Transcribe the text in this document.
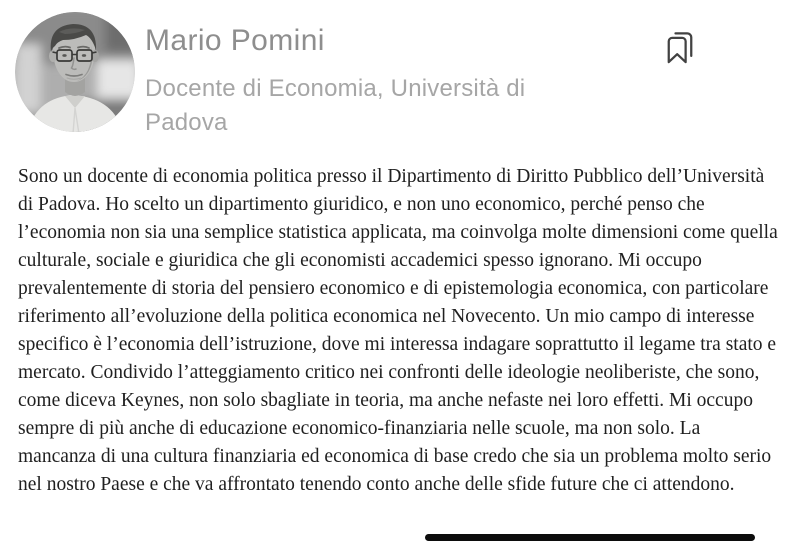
Mario Pomini
Docente di Economia, Università di Padova

Sono un docente di economia politica presso il Dipartimento di Diritto Pubblico dell’Università di Padova. Ho scelto un dipartimento giuridico, e non uno economico, perché penso che l’economia non sia una semplice statistica applicata, ma coinvolga molte dimensioni come quella culturale, sociale e giuridica che gli economisti accademici spesso ignorano. Mi occupo prevalentemente di storia del pensiero economico e di epistemologia economica, con particolare riferimento all’evoluzione della politica economica nel Novecento. Un mio campo di interesse specifico è l’economia dell’istruzione, dove mi interessa indagare soprattutto il legame tra stato e mercato. Condivido l’atteggiamento critico nei confronti delle ideologie neoliberiste, che sono, come diceva Keynes, non solo sbagliate in teoria, ma anche nefaste nei loro effetti. Mi occupo sempre di più anche di educazione economico-finanziaria nelle scuole, ma non solo. La mancanza di una cultura finanziaria ed economica di base credo che sia un problema molto serio nel nostro Paese e che va affrontato tenendo conto anche delle sfide future che ci attendono.
